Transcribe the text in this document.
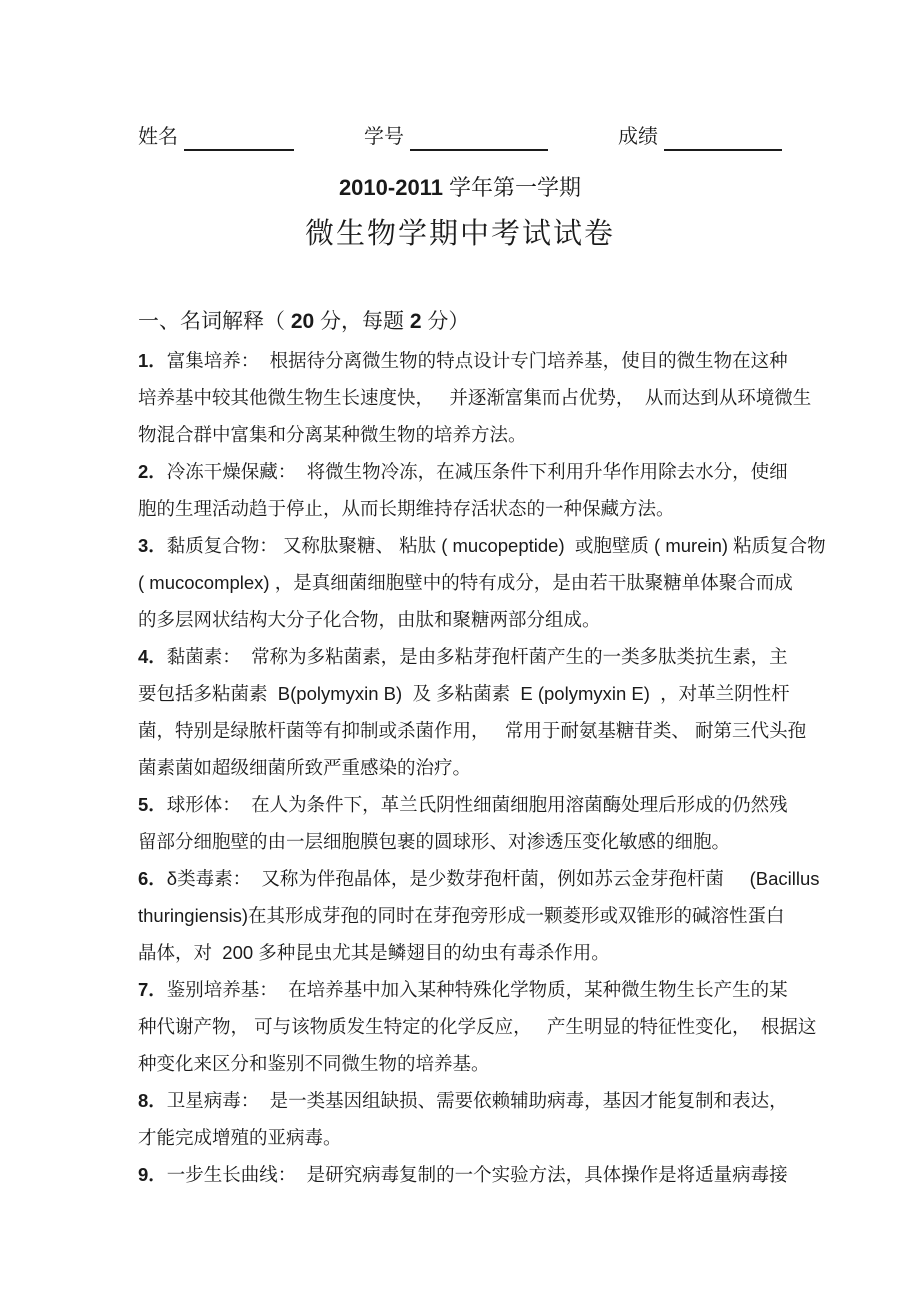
姓名	学号	成绩
2010-2011 学年第一学期
微生物学期中考试试卷
一、名词解释（ 20 分，每题 2 分）
1．富集培养：  根据待分离微生物的特点设计专门培养基，使目的微生物在这种
培养基中较其他微生物生长速度快，   并逐渐富集而占优势，  从而达到从环境微生
物混合群中富集和分离某种微生物的培养方法。
2．冷冻干燥保藏：  将微生物冷冻，在减压条件下利用升华作用除去水分，使细
胞的生理活动趋于停止，从而长期维持存活状态的一种保藏方法。
3．黏质复合物： 又称肽聚糖、 粘肽 ( mucopeptide)  或胞壁质 ( murein) 粘质复合物
( mucocomplex) ，是真细菌细胞壁中的特有成分，是由若干肽聚糖单体聚合而成
的多层网状结构大分子化合物，由肽和聚糖两部分组成。
4．黏菌素：  常称为多粘菌素，是由多粘芽孢杆菌产生的一类多肽类抗生素，主
要包括多粘菌素  B(polymyxin B)  及 多粘菌素  E (polymyxin E)  ，对革兰阴性杆
菌，特别是绿脓杆菌等有抑制或杀菌作用，   常用于耐氨基糖苷类、 耐第三代头孢
菌素菌如超级细菌所致严重感染的治疗。
5．球形体：  在人为条件下，革兰氏阴性细菌细胞用溶菌酶处理后形成的仍然残
留部分细胞壁的由一层细胞膜包裹的圆球形、对渗透压变化敏感的细胞。
6．δ类毒素：  又称为伴孢晶体，是少数芽孢杆菌，例如苏云金芽孢杆菌     (Bacillus
thuringiensis)在其形成芽孢的同时在芽孢旁形成一颗菱形或双锥形的碱溶性蛋白
晶体，对  200 多种昆虫尤其是鳞翅目的幼虫有毒杀作用。
7．鉴别培养基：  在培养基中加入某种特殊化学物质，某种微生物生长产生的某
种代谢产物， 可与该物质发生特定的化学反应，   产生明显的特征性变化，  根据这
种变化来区分和鉴别不同微生物的培养基。
8．卫星病毒：  是一类基因组缺损、需要依赖辅助病毒，基因才能复制和表达，
才能完成增殖的亚病毒。
9．一步生长曲线：  是研究病毒复制的一个实验方法，具体操作是将适量病毒接
